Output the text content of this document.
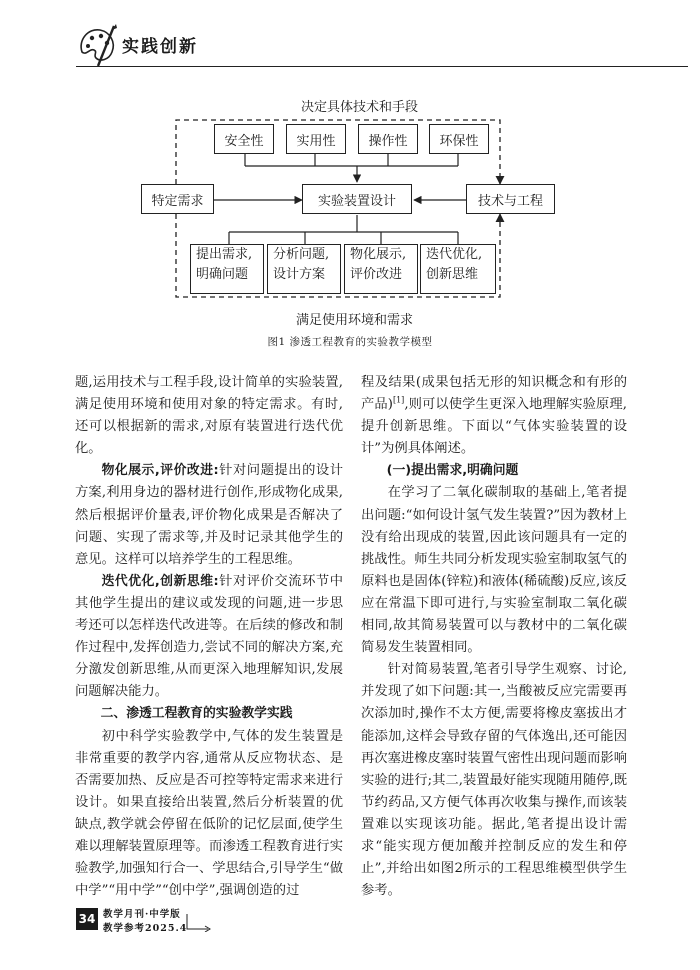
实践创新
决定具体技术和手段
满足使用环境和需求
安全性	实用性	操作性	环保性
特定需求	实验装置设计	技术与工程
提出需求,
明确问题
分析问题,
设计方案
物化展示,
评价改进
迭代优化,
创新思维
图1 渗透工程教育的实验教学模型

题,运用技术与工程手段,设计简单的实验装置,满足使用环境和使用对象的特定需求。有时,还可以根据新的需求,对原有装置进行迭代优化。

物化展示,评价改进:针对问题提出的设计方案,利用身边的器材进行创作,形成物化成果,然后根据评价量表,评价物化成果是否解决了问题、实现了需求等,并及时记录其他学生的意见。这样可以培养学生的工程思维。

迭代优化,创新思维:针对评价交流环节中其他学生提出的建议或发现的问题,进一步思考还可以怎样迭代改进等。在后续的修改和制作过程中,发挥创造力,尝试不同的解决方案,充分激发创新思维,从而更深入地理解知识,发展问题解决能力。

二、渗透工程教育的实验教学实践

初中科学实验教学中,气体的发生装置是非常重要的教学内容,通常从反应物状态、是否需要加热、反应是否可控等特定需求来进行设计。如果直接给出装置,然后分析装置的优缺点,教学就会停留在低阶的记忆层面,使学生难以理解装置原理等。而渗透工程教育进行实验教学,加强知行合一、学思结合,引导学生“做中学”“用中学”“创中学”,强调创造的过

程及结果(成果包括无形的知识概念和有形的产品)[1],则可以使学生更深入地理解实验原理,提升创新思维。下面以“气体实验装置的设计”为例具体阐述。

(一)提出需求,明确问题

在学习了二氧化碳制取的基础上,笔者提出问题:“如何设计氢气发生装置?”因为教材上没有给出现成的装置,因此该问题具有一定的挑战性。师生共同分析发现实验室制取氢气的原料也是固体(锌粒)和液体(稀硫酸)反应,该反应在常温下即可进行,与实验室制取二氧化碳相同,故其简易装置可以与教材中的二氧化碳简易发生装置相同。

针对简易装置,笔者引导学生观察、讨论,并发现了如下问题:其一,当酸被反应完需要再次添加时,操作不太方便,需要将橡皮塞拔出才能添加,这样会导致存留的气体逸出,还可能因再次塞进橡皮塞时装置气密性出现问题而影响实验的进行;其二,装置最好能实现随用随停,既节约药品,又方便气体再次收集与操作,而该装置难以实现该功能。据此,笔者提出设计需求“能实现方便加酸并控制反应的发生和停止”,并给出如图2所示的工程思维模型供学生参考。

34 教学月刊·中学版
教学参考2025.4
